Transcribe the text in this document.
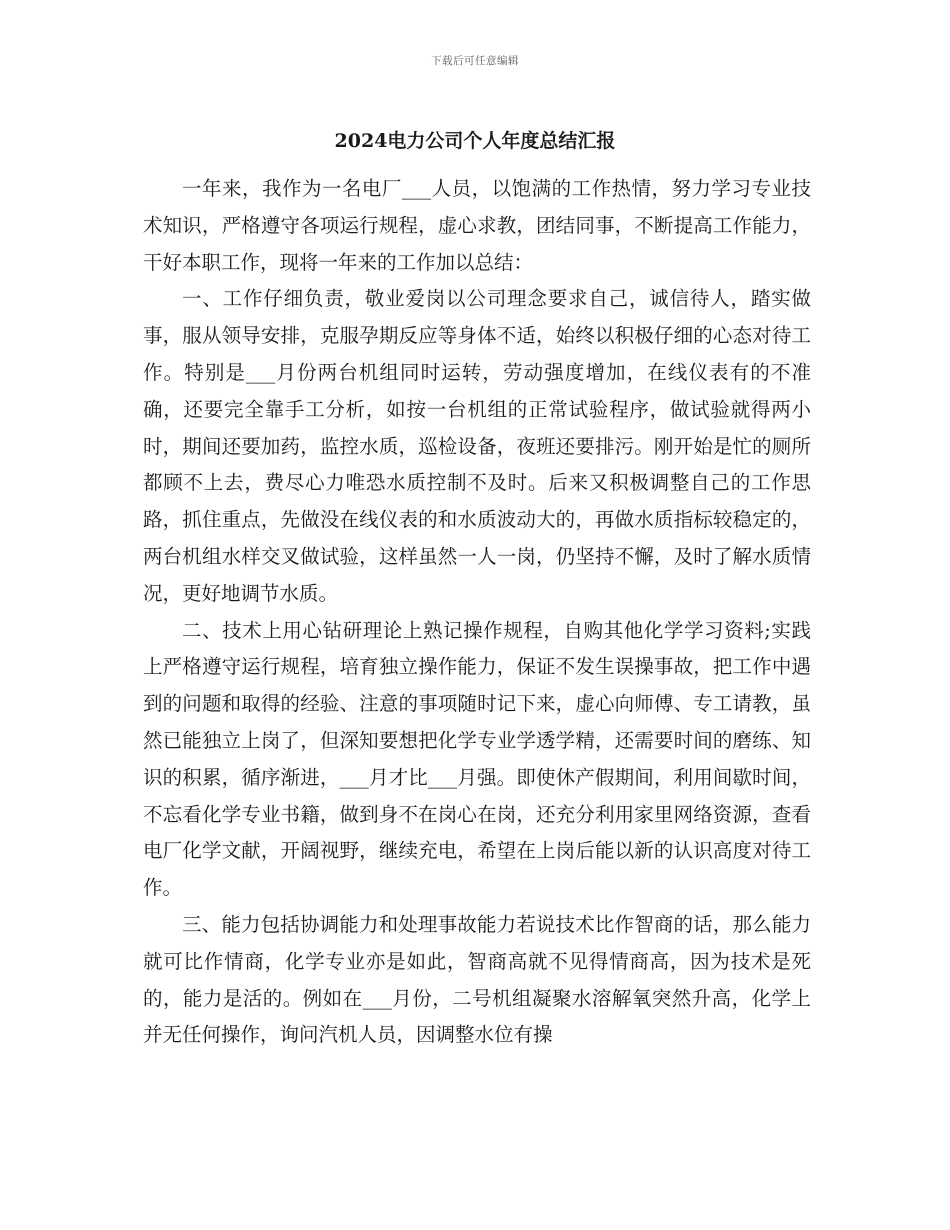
下载后可任意编辑
2024电力公司个人年度总结汇报

一年来，我作为一名电厂___人员，以饱满的工作热情，努力学习专业技术知识，严格遵守各项运行规程，虚心求教，团结同事，不断提高工作能力，干好本职工作，现将一年来的工作加以总结：

一、工作仔细负责，敬业爱岗以公司理念要求自己，诚信待人，踏实做事，服从领导安排，克服孕期反应等身体不适，始终以积极仔细的心态对待工作。特别是___月份两台机组同时运转，劳动强度增加，在线仪表有的不准确，还要完全靠手工分析，如按一台机组的正常试验程序，做试验就得两小时，期间还要加药，监控水质，巡检设备，夜班还要排污。刚开始是忙的厕所都顾不上去，费尽心力唯恐水质控制不及时。后来又积极调整自己的工作思路，抓住重点，先做没在线仪表的和水质波动大的，再做水质指标较稳定的，两台机组水样交叉做试验，这样虽然一人一岗，仍坚持不懈，及时了解水质情况，更好地调节水质。

二、技术上用心钻研理论上熟记操作规程，自购其他化学学习资料;实践上严格遵守运行规程，培育独立操作能力，保证不发生误操事故，把工作中遇到的问题和取得的经验、注意的事项随时记下来，虚心向师傅、专工请教，虽然已能独立上岗了，但深知要想把化学专业学透学精，还需要时间的磨练、知识的积累，循序渐进，___月才比___月强。即使休产假期间，利用间歇时间，不忘看化学专业书籍，做到身不在岗心在岗，还充分利用家里网络资源，查看电厂化学文献，开阔视野，继续充电，希望在上岗后能以新的认识高度对待工作。

三、能力包括协调能力和处理事故能力若说技术比作智商的话，那么能力就可比作情商，化学专业亦是如此，智商高就不见得情商高，因为技术是死的，能力是活的。例如在___月份，二号机组凝聚水溶解氧突然升高，化学上并无任何操作，询问汽机人员，因调整水位有操
